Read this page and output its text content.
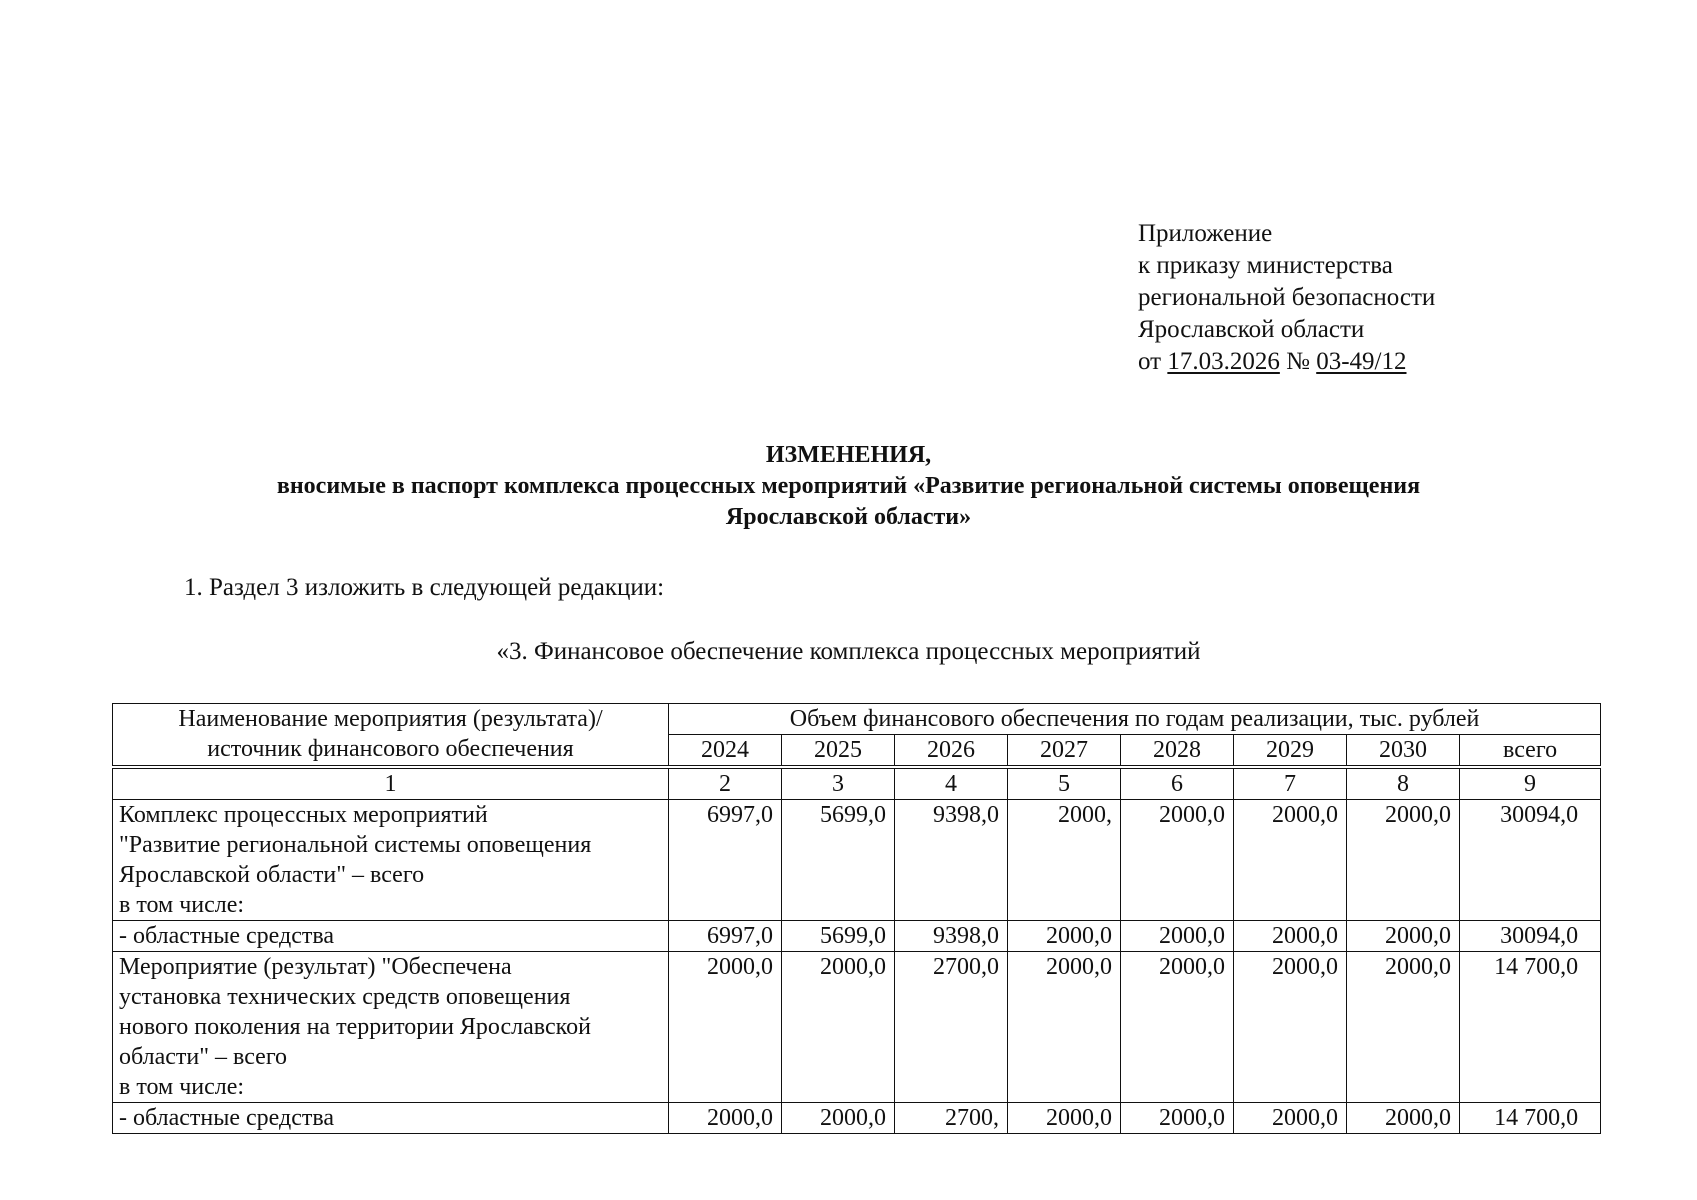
Приложение
к приказу министерства
региональной безопасности
Ярославской области
от 17.03.2026 № 03-49/12
ИЗМЕНЕНИЯ,
вносимые в паспорт комплекса процессных мероприятий «Развитие региональной системы оповещения
Ярославской области»
1. Раздел 3 изложить в следующей редакции:
«3. Финансовое обеспечение комплекса процессных мероприятий
Наименование мероприятия (результата)/
источник финансового обеспечения	Объем финансового обеспечения по годам реализации, тыс. рублей							
	2024	2025	2026	2027	2028	2029	2030	всего
1	2	3	4	5	6	7	8	9

Комплекс процессных мероприятий
"Развитие региональной системы оповещения
Ярославской области" – всего
в том числе:	6997,0	5699,0	9398,0	2000,	2000,0	2000,0	2000,0	30094,0

- областные средства	6997,0	5699,0	9398,0	2000,0	2000,0	2000,0	2000,0	30094,0

Мероприятие (результат) "Обеспечена
установка технических средств оповещения
нового поколения на территории Ярославской
области" – всего
в том числе:	2000,0	2000,0	2700,0	2000,0	2000,0	2000,0	2000,0	14 700,0

- областные средства	2000,0	2000,0	2700,	2000,0	2000,0	2000,0	2000,0	14 700,0
